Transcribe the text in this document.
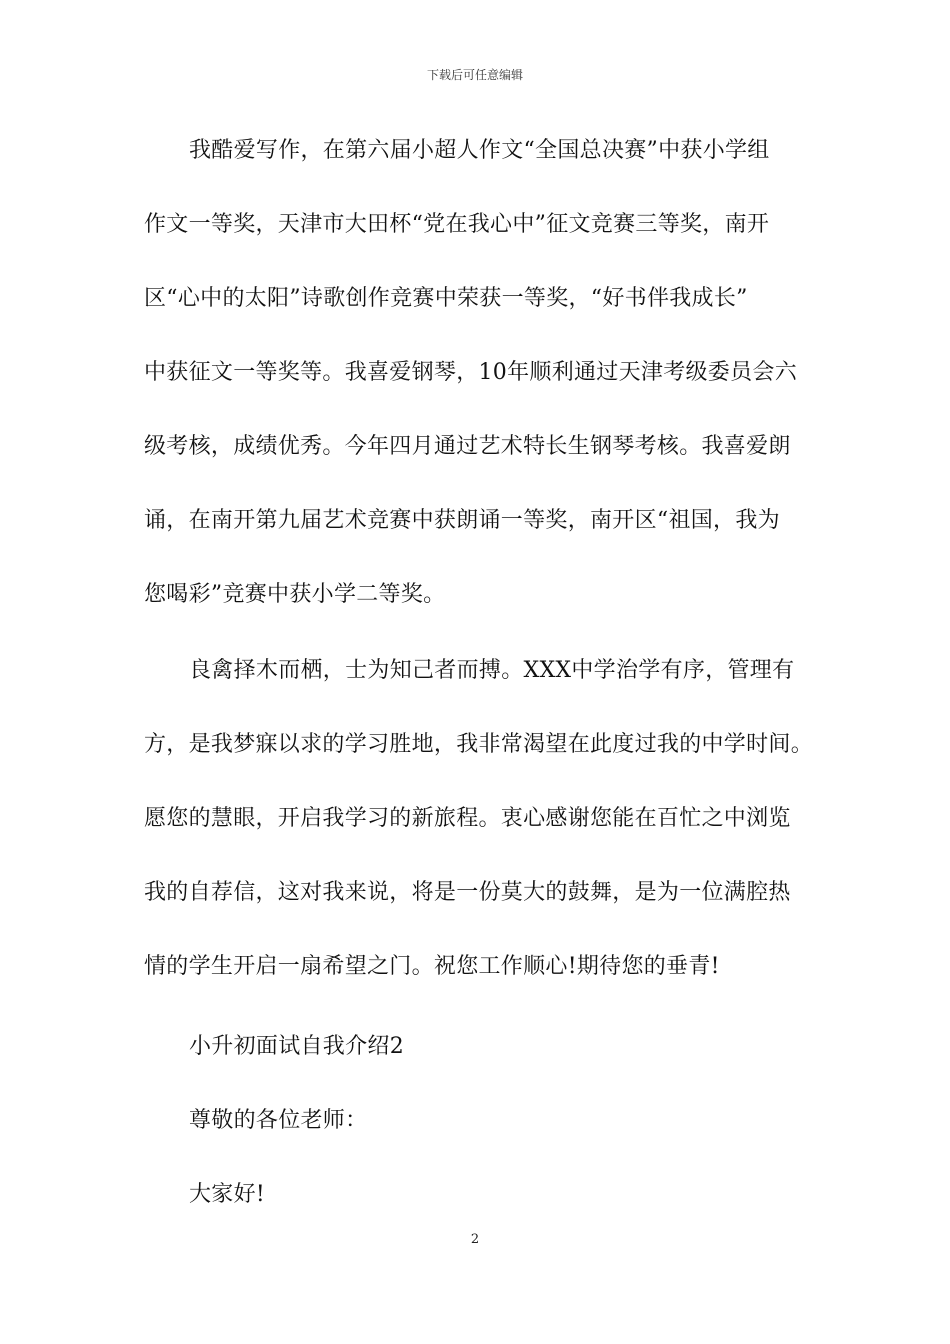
下载后可任意编辑
我酷爱写作，在第六届小超人作文“全国总决赛”中获小学组
作文一等奖，天津市大田杯“党在我心中”征文竞赛三等奖，南开
区“心中的太阳”诗歌创作竞赛中荣获一等奖，“好书伴我成长”
中获征文一等奖等。我喜爱钢琴，10年顺利通过天津考级委员会六
级考核，成绩优秀。今年四月通过艺术特长生钢琴考核。我喜爱朗
诵，在南开第九届艺术竞赛中获朗诵一等奖，南开区“祖国，我为
您喝彩”竞赛中获小学二等奖。
良禽择木而栖，士为知己者而搏。XXX中学治学有序，管理有
方，是我梦寐以求的学习胜地，我非常渴望在此度过我的中学时间。
愿您的慧眼，开启我学习的新旅程。衷心感谢您能在百忙之中浏览
我的自荐信，这对我来说，将是一份莫大的鼓舞，是为一位满腔热
情的学生开启一扇希望之门。祝您工作顺心!期待您的垂青!
小升初面试自我介绍2
尊敬的各位老师：
大家好!
2
